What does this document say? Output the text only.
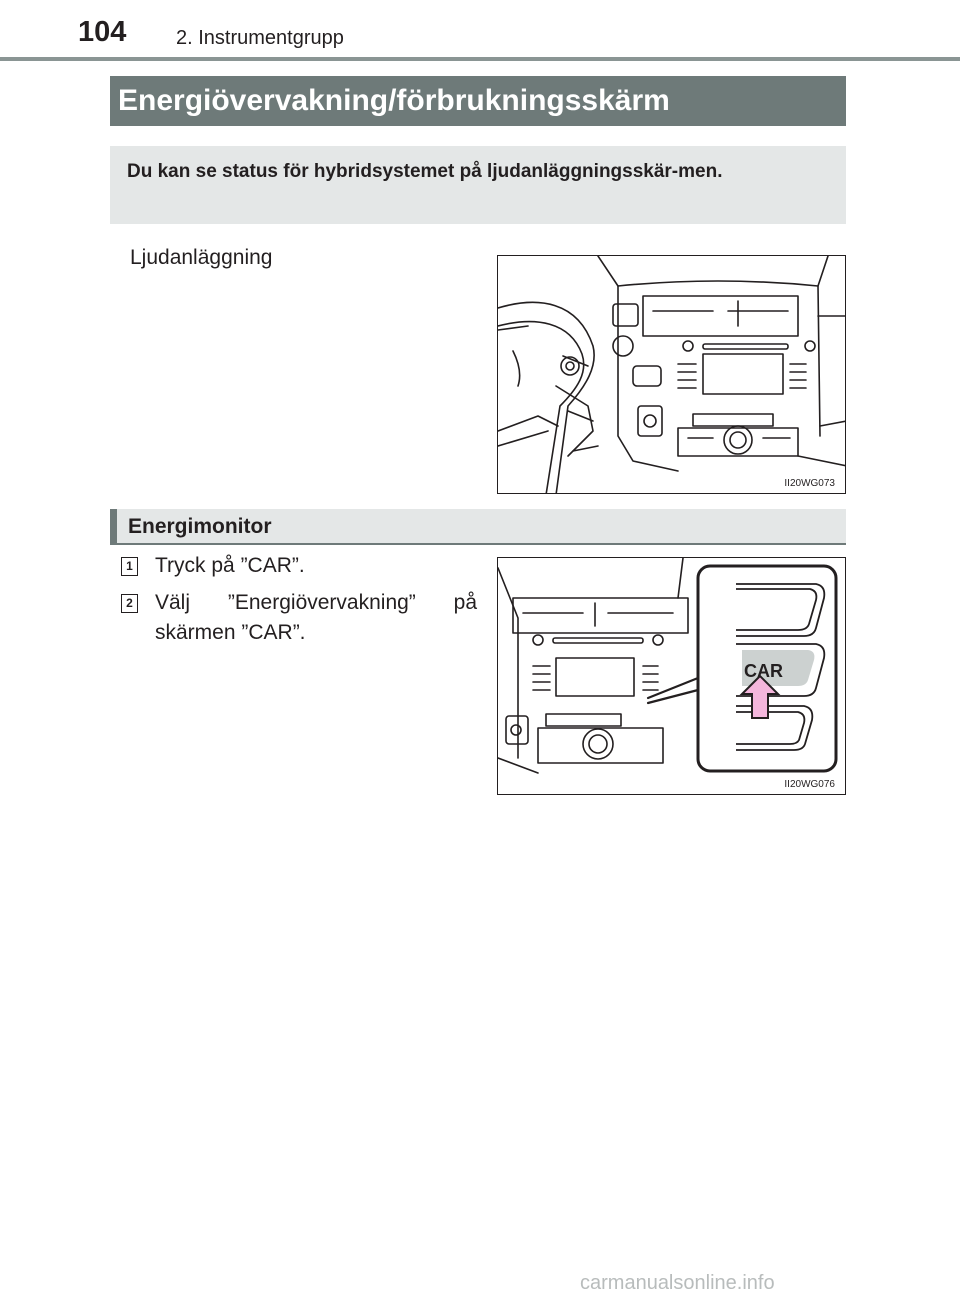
104 2. Instrumentgrupp
Energiövervakning/förbrukningsskärm
Du kan se status för hybridsystemet på ljudanläggningsskär-men.
Ljudanläggning
II20WG073
Energimonitor
1 Tryck på ”CAR”.
2 Välj ”Energiövervakning” på skärmen ”CAR”.
CAR
II20WG076
carmanualsonline.info
